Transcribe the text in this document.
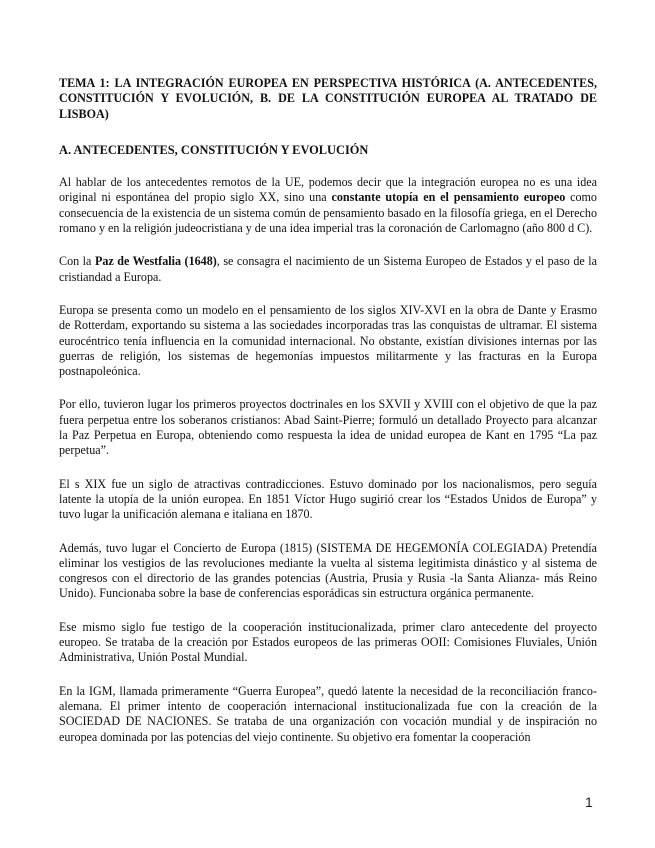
TEMA 1: LA INTEGRACIÓN EUROPEA EN PERSPECTIVA HISTÓRICA (A. ANTECEDENTES, CONSTITUCIÓN Y EVOLUCIÓN, B. DE LA CONSTITUCIÓN EUROPEA AL TRATADO DE LISBOA)

A. ANTECEDENTES, CONSTITUCIÓN Y EVOLUCIÓN

Al hablar de los antecedentes remotos de la UE, podemos decir que la integración europea no es una idea original ni espontánea del propio siglo XX, sino una constante utopía en el pensamiento europeo como consecuencia de la existencia de un sistema común de pensamiento basado en la filosofía griega, en el Derecho romano y en la religión judeocristiana y de una idea imperial tras la coronación de Carlomagno (año 800 d C).

Con la Paz de Westfalia (1648), se consagra el nacimiento de un Sistema Europeo de Estados y el paso de la cristiandad a Europa.

Europa se presenta como un modelo en el pensamiento de los siglos XIV-XVI en la obra de Dante y Erasmo de Rotterdam, exportando su sistema a las sociedades incorporadas tras las conquistas de ultramar. El sistema eurocéntrico tenía influencia en la comunidad internacional. No obstante, existían divisiones internas por las guerras de religión, los sistemas de hegemonías impuestos militarmente y las fracturas en la Europa postnapoleónica.

Por ello, tuvieron lugar los primeros proyectos doctrinales en los SXVII y XVIII con el objetivo de que la paz fuera perpetua entre los soberanos cristianos: Abad Saint-Pierre; formuló un detallado Proyecto para alcanzar la Paz Perpetua en Europa, obteniendo como respuesta la idea de unidad europea de Kant en 1795 “La paz perpetua”.

El s XIX fue un siglo de atractivas contradicciones. Estuvo dominado por los nacionalismos, pero seguía latente la utopía de la unión europea. En 1851 Víctor Hugo sugirió crear los “Estados Unidos de Europa” y tuvo lugar la unificación alemana e italiana en 1870.

Además, tuvo lugar el Concierto de Europa (1815) (SISTEMA DE HEGEMONÍA COLEGIADA) Pretendía eliminar los vestigios de las revoluciones mediante la vuelta al sistema legitimista dinástico y al sistema de congresos con el directorio de las grandes potencias (Austria, Prusia y Rusia -la Santa Alianza- más Reino Unido). Funcionaba sobre la base de conferencias esporádicas sin estructura orgánica permanente.

Ese mismo siglo fue testigo de la cooperación institucionalizada, primer claro antecedente del proyecto europeo. Se trataba de la creación por Estados europeos de las primeras OOII: Comisiones Fluviales, Unión Administrativa, Unión Postal Mundial.

En la IGM, llamada primeramente “Guerra Europea”, quedó latente la necesidad de la reconciliación franco-alemana. El primer intento de cooperación internacional institucionalizada fue con la creación de la SOCIEDAD DE NACIONES. Se trataba de una organización con vocación mundial y de inspiración no europea dominada por las potencias del viejo continente. Su objetivo era fomentar la cooperación

1
